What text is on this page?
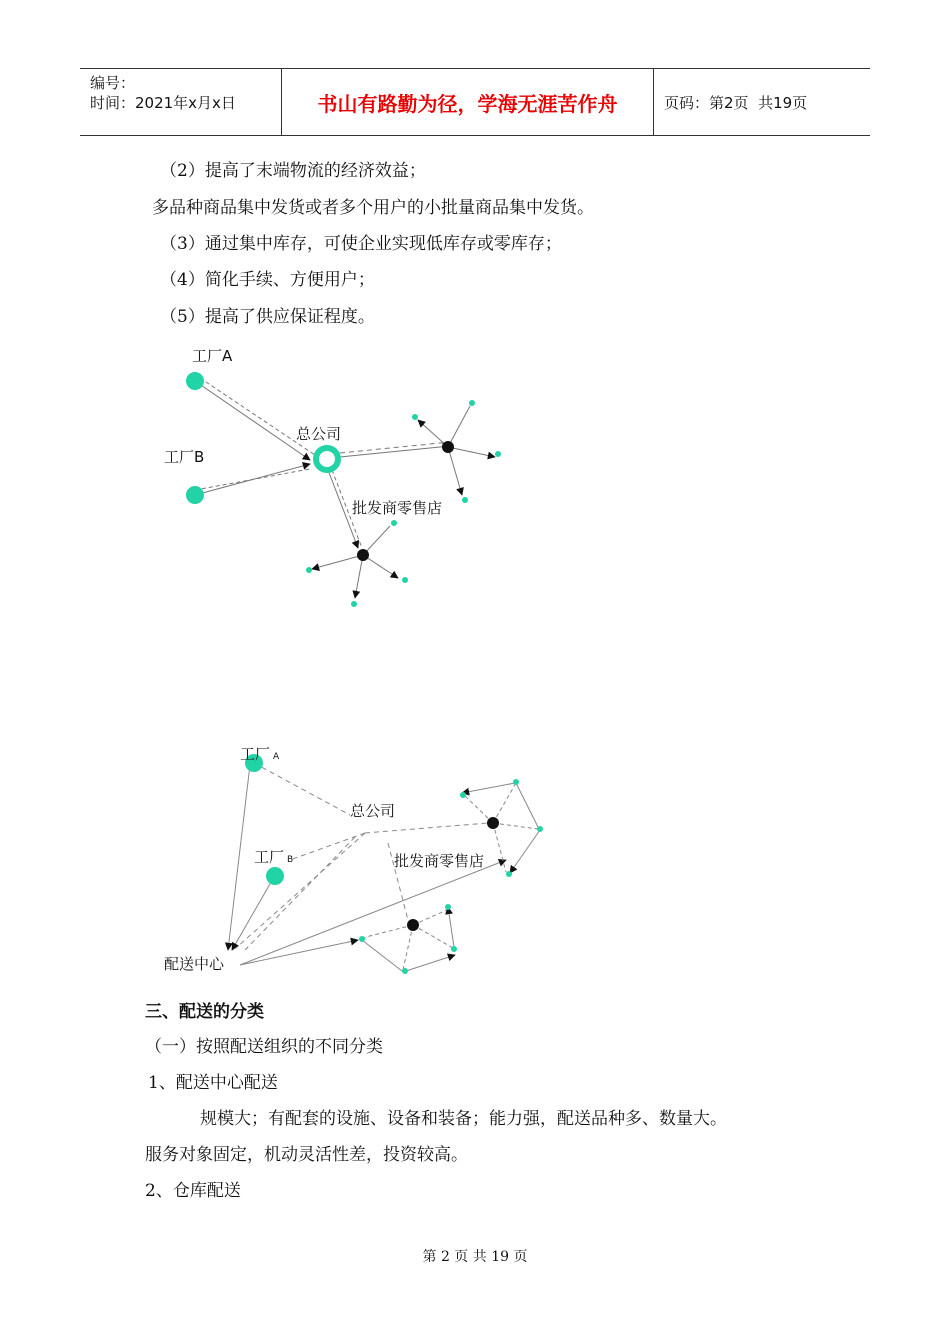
编号：
时间：2021年x月x日	书山有路勤为径，学海无涯苦作舟	页码：第2页  共19页
（2）提高了末端物流的经济效益；
多品种商品集中发货或者多个用户的小批量商品集中发货。
（3）通过集中库存，可使企业实现低库存或零库存；
（4）简化手续、方便用户；
（5）提高了供应保证程度。
工厂A
工厂B
总公司
批发商零售店
工厂 A
工厂 B
总公司
批发商零售店
配送中心
三、配送的分类
（一）按照配送组织的不同分类
1、配送中心配送
规模大；有配套的设施、设备和装备；能力强，配送品种多、数量大。
服务对象固定，机动灵活性差，投资较高。
2、仓库配送
第 2 页 共 19 页
